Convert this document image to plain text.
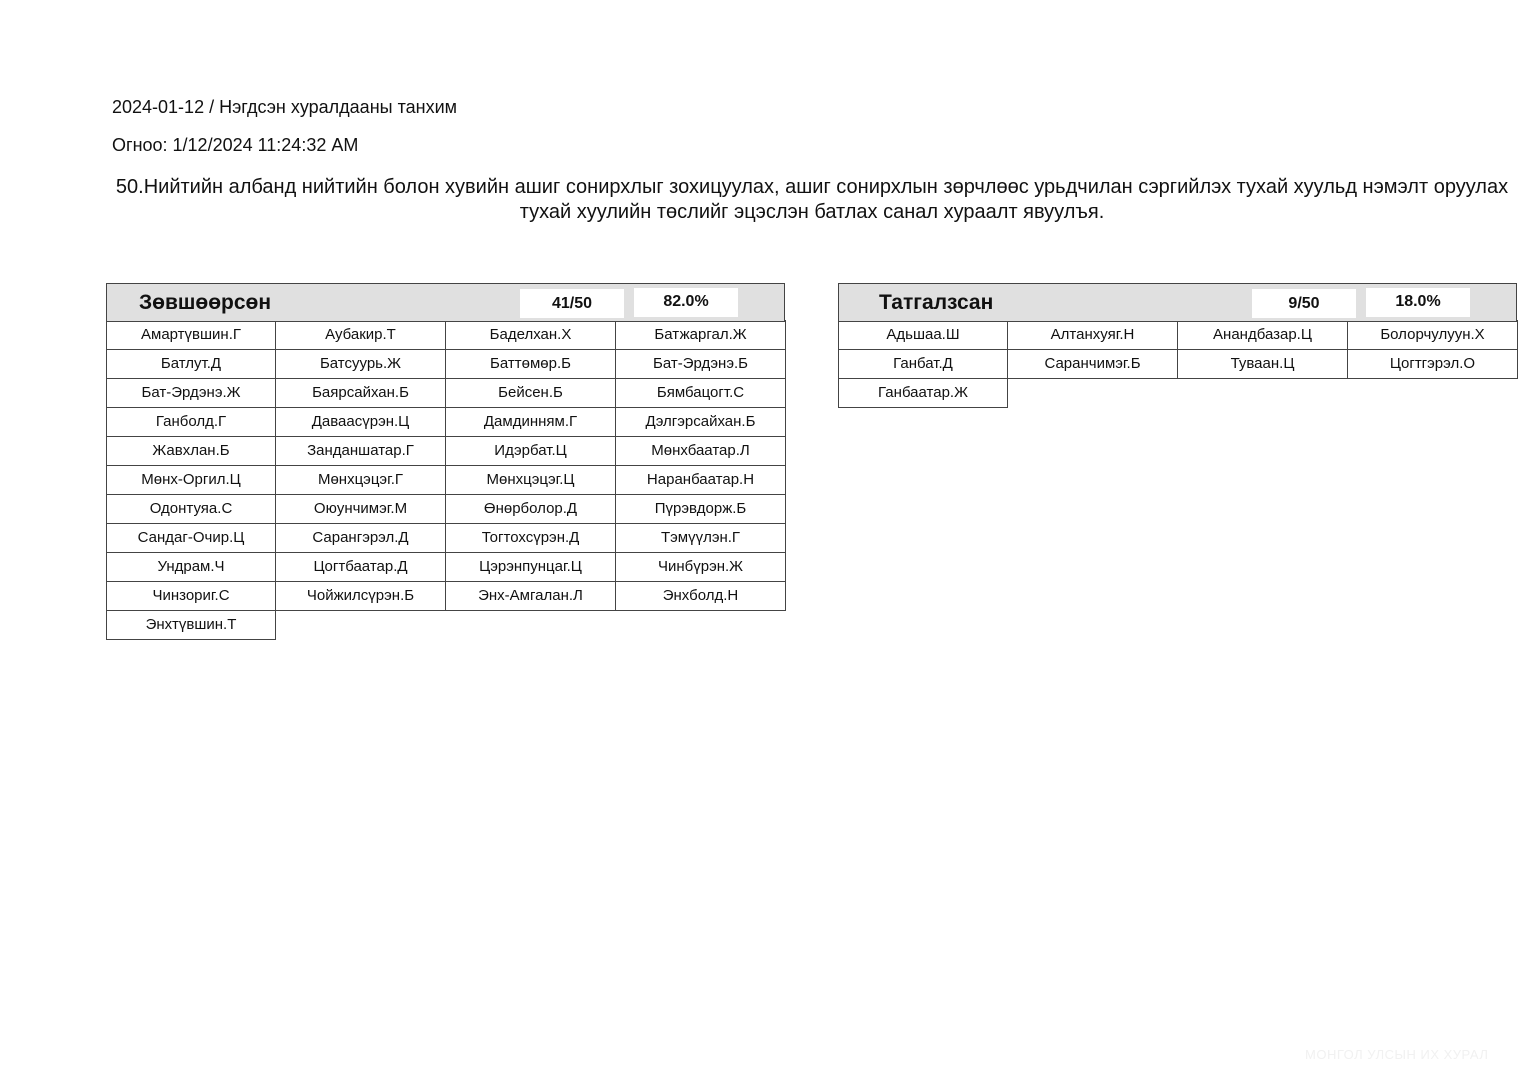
2024-01-12 / Нэгдсэн хуралдааны танхим
Огноо: 1/12/2024 11:24:32 AM
50.Нийтийн албанд нийтийн болон хувийн ашиг сонирхлыг зохицуулах, ашиг сонирхлын зөрчлөөс урьдчилан сэргийлэх тухай хуульд нэмэлт оруулах тухай хуулийн төслийг эцэслэн батлах санал хураалт явуулъя.
Зөвшөөрсөн	41/50	82.0%
Амартүвшин.Г	Аубакир.Т	Баделхан.Х	Батжаргал.Ж
Батлут.Д	Батсуурь.Ж	Баттөмөр.Б	Бат-Эрдэнэ.Б
Бат-Эрдэнэ.Ж	Баярсайхан.Б	Бейсен.Б	Бямбацогт.С
Ганболд.Г	Даваасүрэн.Ц	Дамдинням.Г	Дэлгэрсайхан.Б
Жавхлан.Б	Занданшатар.Г	Идэрбат.Ц	Мөнхбаатар.Л
Мөнх-Оргил.Ц	Мөнхцэцэг.Г	Мөнхцэцэг.Ц	Наранбаатар.Н
Одонтуяа.С	Оюунчимэг.М	Өнөрболор.Д	Пүрэвдорж.Б
Сандаг-Очир.Ц	Сарангэрэл.Д	Тогтохсүрэн.Д	Тэмүүлэн.Г
Ундрам.Ч	Цогтбаатар.Д	Цэрэнпунцаг.Ц	Чинбүрэн.Ж
Чинзориг.С	Чойжилсүрэн.Б	Энх-Амгалан.Л	Энхболд.Н
Энхтүвшин.Т
Татгалзсан	9/50	18.0%
Адьшаа.Ш	Алтанхуяг.Н	Анандбазар.Ц	Болорчулуун.Х
Ганбат.Д	Саранчимэг.Б	Туваан.Ц	Цогтгэрэл.О
Ганбаатар.Ж
МОНГОЛ УЛСЫН ИХ ХУРАЛ
